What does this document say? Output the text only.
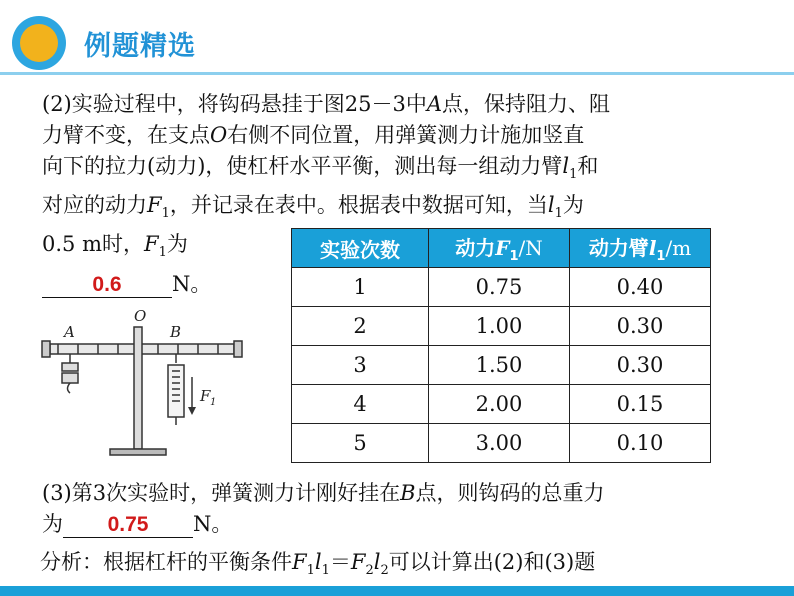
例题精选
(2)实验过程中，将钩码悬挂于图25－3中A点，保持阻力、阻
力臂不变，在支点O右侧不同位置，用弹簧测力计施加竖直
向下的拉力(动力)，使杠杆水平平衡，测出每一组动力臂$l_1$和
对应的动力$F_1$，并记录在表中。根据表中数据可知，当$l_1$为
0.5 m时，$F_1$为
0.6 N。
A
O
B
F 1
实验次数	动力$F_1/N$	动力臂$l_1/m$
1	0.75	0.40
2	1.00	0.30
3	1.50	0.30
4	2.00	0.15
5	3.00	0.10
(3)第3次实验时，弹簧测力计刚好挂在B点，则钩码的总重力
为 0.75 N。
分析：根据杠杆的平衡条件$F_1l_1=F_2l_2$可以计算出(2)和(3)题
